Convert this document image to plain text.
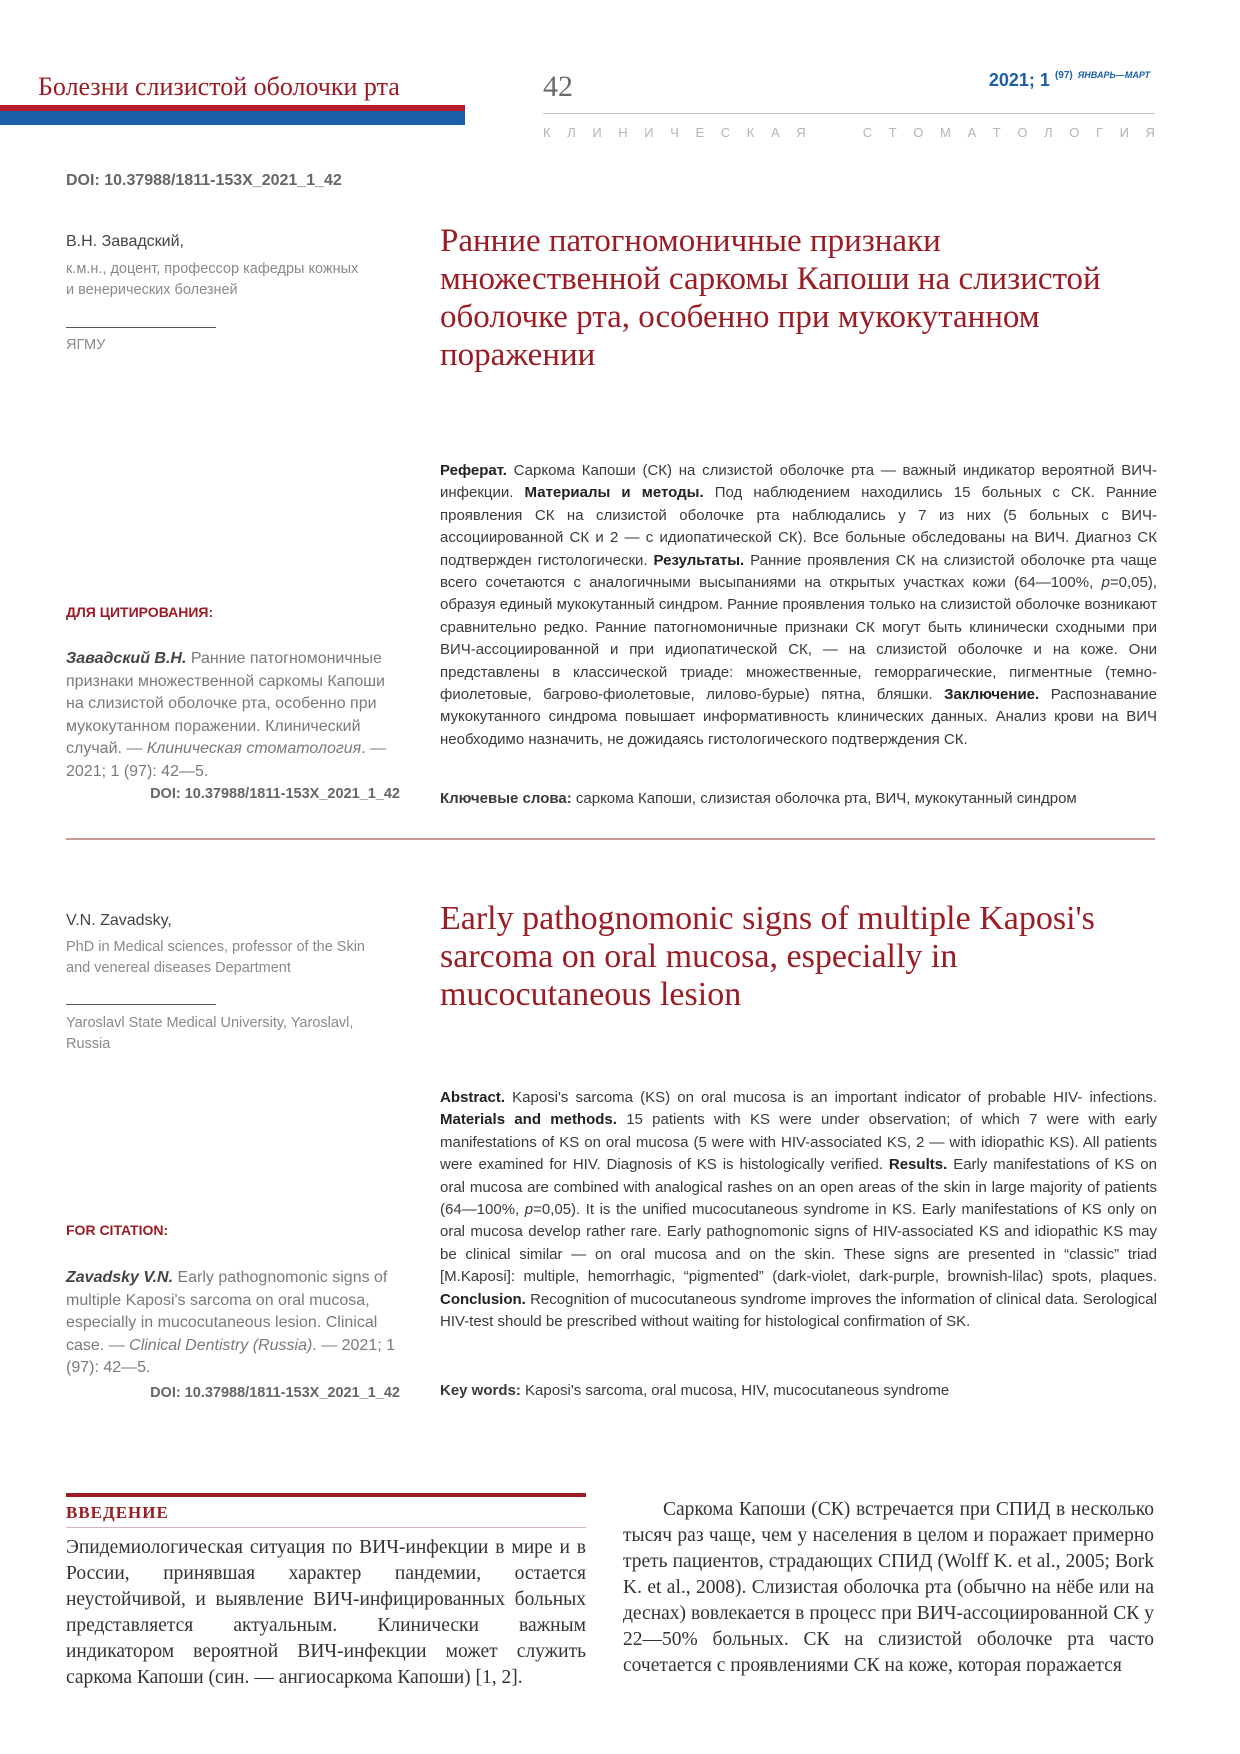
Болезни слизистой оболочки рта	42	2021; 1 $^{(97)}$ $^{ЯНВАРЬ—МАРТ}$
К Л И Н И Ч Е С К А Я

	С Т О М А Т О Л О Г И Я
DOI: 10.37988/1811-153X_2021_1_42
В.Н. Завадский,
к.м.н., доцент, профессор кафедры кожных
и венерических болезней
ЯГМУ
Ранние патогномоничные признаки множественной саркомы Капоши на слизистой оболочке рта, особенно при мукокутанном поражении
Реферат. Саркома Капоши (СК) на слизистой оболочке рта — важный индикатор вероятной ВИЧ-инфекции. Материалы и методы. Под наблюдением находились 15 больных с СК. Ранние проявления СК на слизистой оболочке рта наблюдались у 7 из них (5 больных с ВИЧ-ассоциированной СК и 2 — с идиопатической СК). Все больные обследованы на ВИЧ. Диагноз СК подтвержден гистологически. Результаты. Ранние проявления СК на слизистой оболочке рта чаще всего сочетаются с аналогичными высыпаниями на открытых участках кожи (64—100%, p=0,05), образуя единый мукокутанный синдром. Ранние проявления только на слизистой оболочке возникают сравнительно редко. Ранние патогномоничные признаки СК могут быть клинически сходными при ВИЧ-ассоциированной и при идиопатической СК, — на слизистой оболочке и на коже. Они представлены в классической триаде: множественные, геморрагические, пигментные (темно-фиолетовые, багрово-фиолетовые, лилово-бурые) пятна, бляшки. Заключение. Распознавание мукокутанного синдрома повышает информативность клинических данных. Анализ крови на ВИЧ необходимо назначить, не дожидаясь гистологического подтверждения СК.
Ключевые слова: саркома Капоши, слизистая оболочка рта, ВИЧ, мукокутанный синдром
ДЛЯ ЦИТИРОВАНИЯ:
Завадский В.Н. Ранние патогномоничные признаки множественной саркомы Капоши на слизистой оболочке рта, особенно при мукокутанном поражении. Клинический случай. — Клиническая стоматология. — 2021; 1 (97): 42—5.
DOI: 10.37988/1811-153X_2021_1_42
V.N. Zavadsky,
PhD in Medical sciences, professor of the Skin
and venereal diseases Department
Yaroslavl State Medical University, Yaroslavl,
Russia
Early pathognomonic signs of multiple Kaposi's sarcoma on oral mucosa, especially in mucocutaneous lesion
Abstract. Kaposi's sarcoma (KS) on oral mucosa is an important indicator of probable HIV- infections. Materials and methods. 15 patients with KS were under observation; of which 7 were with early manifestations of KS on oral mucosa (5 were with HIV-associated KS, 2 — with idiopathic KS). All patients were examined for HIV. Diagnosis of KS is histologically verified. Results. Early manifestations of KS on oral mucosa are combined with analogical rashes on an open areas of the skin in large majority of patients (64—100%, p=0,05). It is the unified mucocutaneous syndrome in KS. Early manifestations of KS only on oral mucosa develop rather rare. Early pathognomonic signs of HIV-associated KS and idiopathic KS may be clinical similar — on oral mucosa and on the skin. These signs are presented in “classic” triad [M.Kaposi]: multiple, hemorrhagic, “pigmented” (dark-violet, dark-purple, brownish-lilac) spots, plaques. Conclusion. Recognition of mucocutaneous syndrome improves the information of clinical data. Serological HIV-test should be prescribed without waiting for histological confirmation of SK.
Key words: Kaposi's sarcoma, oral mucosa, HIV, mucocutaneous syndrome
FOR CITATION:
Zavadsky V.N. Early pathognomonic signs of multiple Kaposi's sarcoma on oral mucosa, especially in mucocutaneous lesion. Clinical case. — Clinical Dentistry (Russia). — 2021; 1 (97): 42—5.
DOI: 10.37988/1811-153X_2021_1_42
ВВЕДЕНИЕ
Эпидемиологическая ситуация по ВИЧ-инфекции в мире и в России, принявшая характер пандемии, остается неустойчивой, и выявление ВИЧ-инфицированных больных представляется актуальным. Клинически важным индикатором вероятной ВИЧ-инфекции может служить саркома Капоши (син. — ангиосаркома Капоши) [1, 2].
Саркома Капоши (СК) встречается при СПИД в несколько тысяч раз чаще, чем у населения в целом и поражает примерно треть пациентов, страдающих СПИД (Wolff K. et al., 2005; Bork K. et al., 2008). Слизистая оболочка рта (обычно на нёбе или на деснах) вовлекается в процесс при ВИЧ-ассоциированной СК у 22—50% больных. СК на слизистой оболочке рта часто сочетается с проявлениями СК на коже, которая поражается
